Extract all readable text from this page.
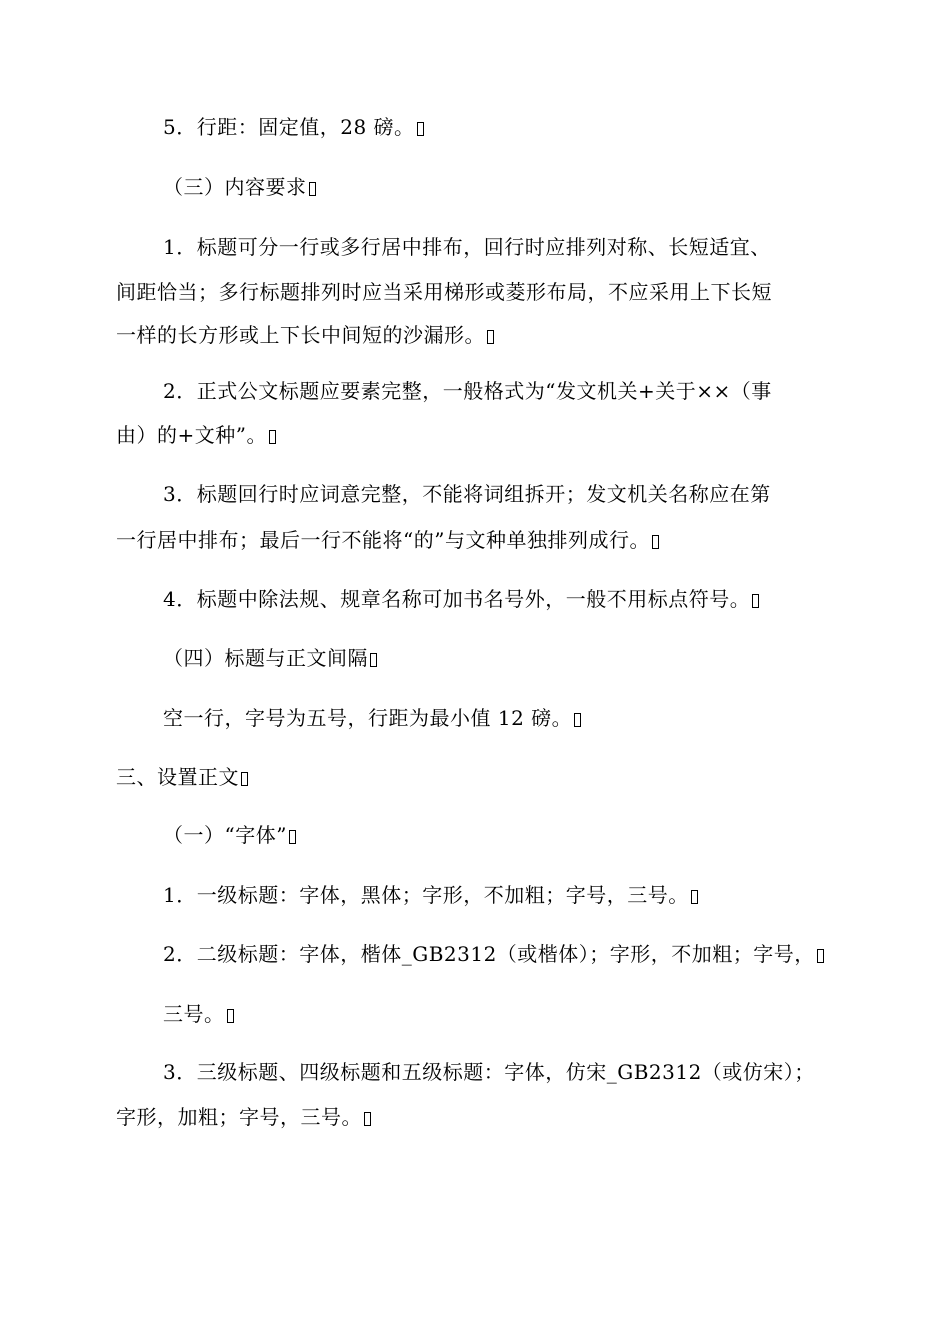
5．行距：固定值，28 磅。
（三）内容要求
1．标题可分一行或多行居中排布，回行时应排列对称、长短适宜、
间距恰当；多行标题排列时应当采用梯形或菱形布局，不应采用上下长短
一样的长方形或上下长中间短的沙漏形。
2．正式公文标题应要素完整，一般格式为“发文机关+关于××（事
由）的+文种”。
3．标题回行时应词意完整，不能将词组拆开；发文机关名称应在第
一行居中排布；最后一行不能将“的”与文种单独排列成行。
4．标题中除法规、规章名称可加书名号外，一般不用标点符号。
（四）标题与正文间隔
空一行，字号为五号，行距为最小值 12 磅。
三、设置正文
（一）“字体”
1．一级标题：字体，黑体；字形，不加粗；字号，三号。
2．二级标题：字体，楷体_GB2312（或楷体）；字形，不加粗；字号，
三号。
3．三级标题、四级标题和五级标题：字体，仿宋_GB2312（或仿宋）；
字形，加粗；字号，三号。
